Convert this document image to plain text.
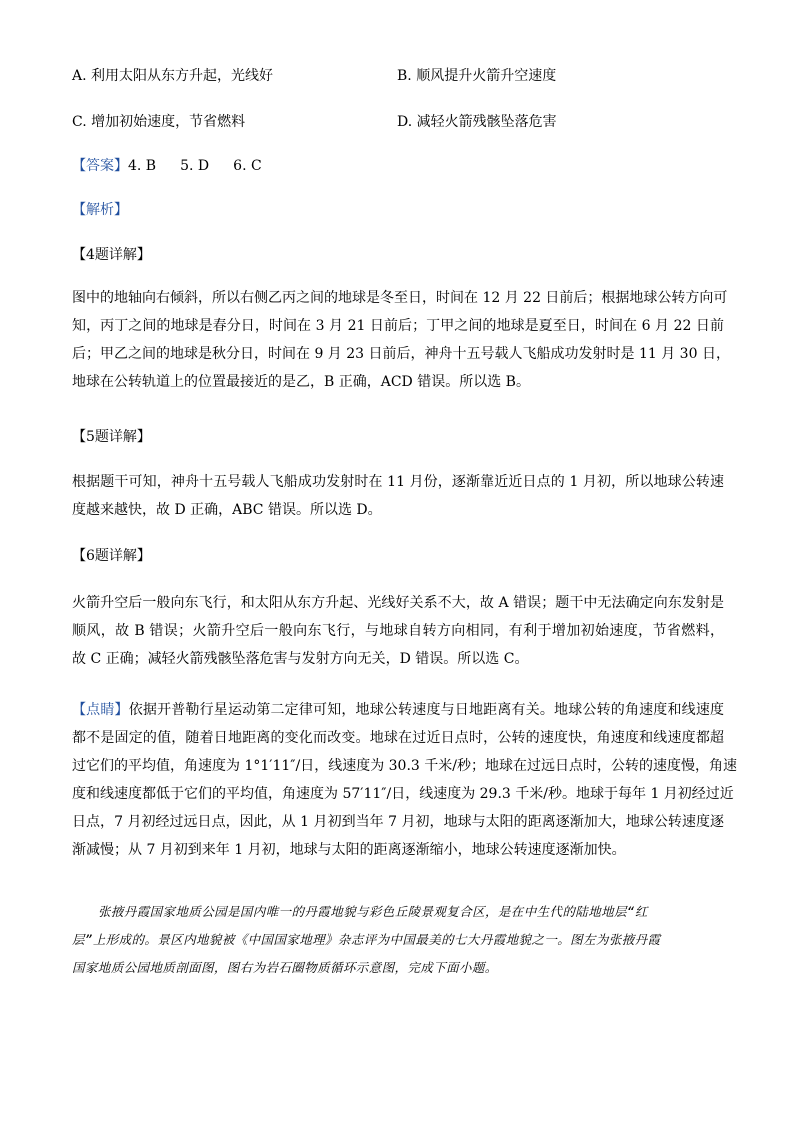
A. 利用太阳从东方升起，光线好	B. 顺风提升火箭升空速度
C. 增加初始速度，节省燃料	D. 减轻火箭残骸坠落危害
【答案】4. B 5. D 6. C
【解析】
【4题详解】
图中的地轴向右倾斜，所以右侧乙丙之间的地球是冬至日，时间在 12 月 22 日前后；根据地球公转方向可
知，丙丁之间的地球是春分日，时间在 3 月 21 日前后；丁甲之间的地球是夏至日，时间在 6 月 22 日前
后；甲乙之间的地球是秋分日，时间在 9 月 23 日前后，神舟十五号载人飞船成功发射时是 11 月 30 日，
地球在公转轨道上的位置最接近的是乙，B 正确，ACD 错误。所以选 B。
【5题详解】
根据题干可知，神舟十五号载人飞船成功发射时在 11 月份，逐渐靠近近日点的 1 月初，所以地球公转速
度越来越快，故 D 正确，ABC 错误。所以选 D。
【6题详解】
火箭升空后一般向东飞行，和太阳从东方升起、光线好关系不大，故 A 错误；题干中无法确定向东发射是
顺风，故 B 错误；火箭升空后一般向东飞行，与地球自转方向相同，有利于增加初始速度，节省燃料，
故 C 正确；减轻火箭残骸坠落危害与发射方向无关，D 错误。所以选 C。
【点睛】依据开普勒行星运动第二定律可知，地球公转速度与日地距离有关。地球公转的角速度和线速度
都不是固定的值，随着日地距离的变化而改变。地球在过近日点时，公转的速度快，角速度和线速度都超
过它们的平均值，角速度为 1°1′11″/日，线速度为 30.3 千米/秒；地球在过远日点时，公转的速度慢，角速
度和线速度都低于它们的平均值，角速度为 57′11″/日，线速度为 29.3 千米/秒。地球于每年 1 月初经过近
日点，7 月初经过远日点，因此，从 1 月初到当年 7 月初，地球与太阳的距离逐渐加大，地球公转速度逐
渐减慢；从 7 月初到来年 1 月初，地球与太阳的距离逐渐缩小，地球公转速度逐渐加快。
张掖丹霞国家地质公园是国内唯一的丹霞地貌与彩色丘陵景观复合区，是在中生代的陆地地层“红
层”上形成的。景区内地貌被《中国国家地理》杂志评为中国最美的七大丹霞地貌之一。图左为张掖丹霞
国家地质公园地质剖面图，图右为岩石圈物质循环示意图，完成下面小题。
